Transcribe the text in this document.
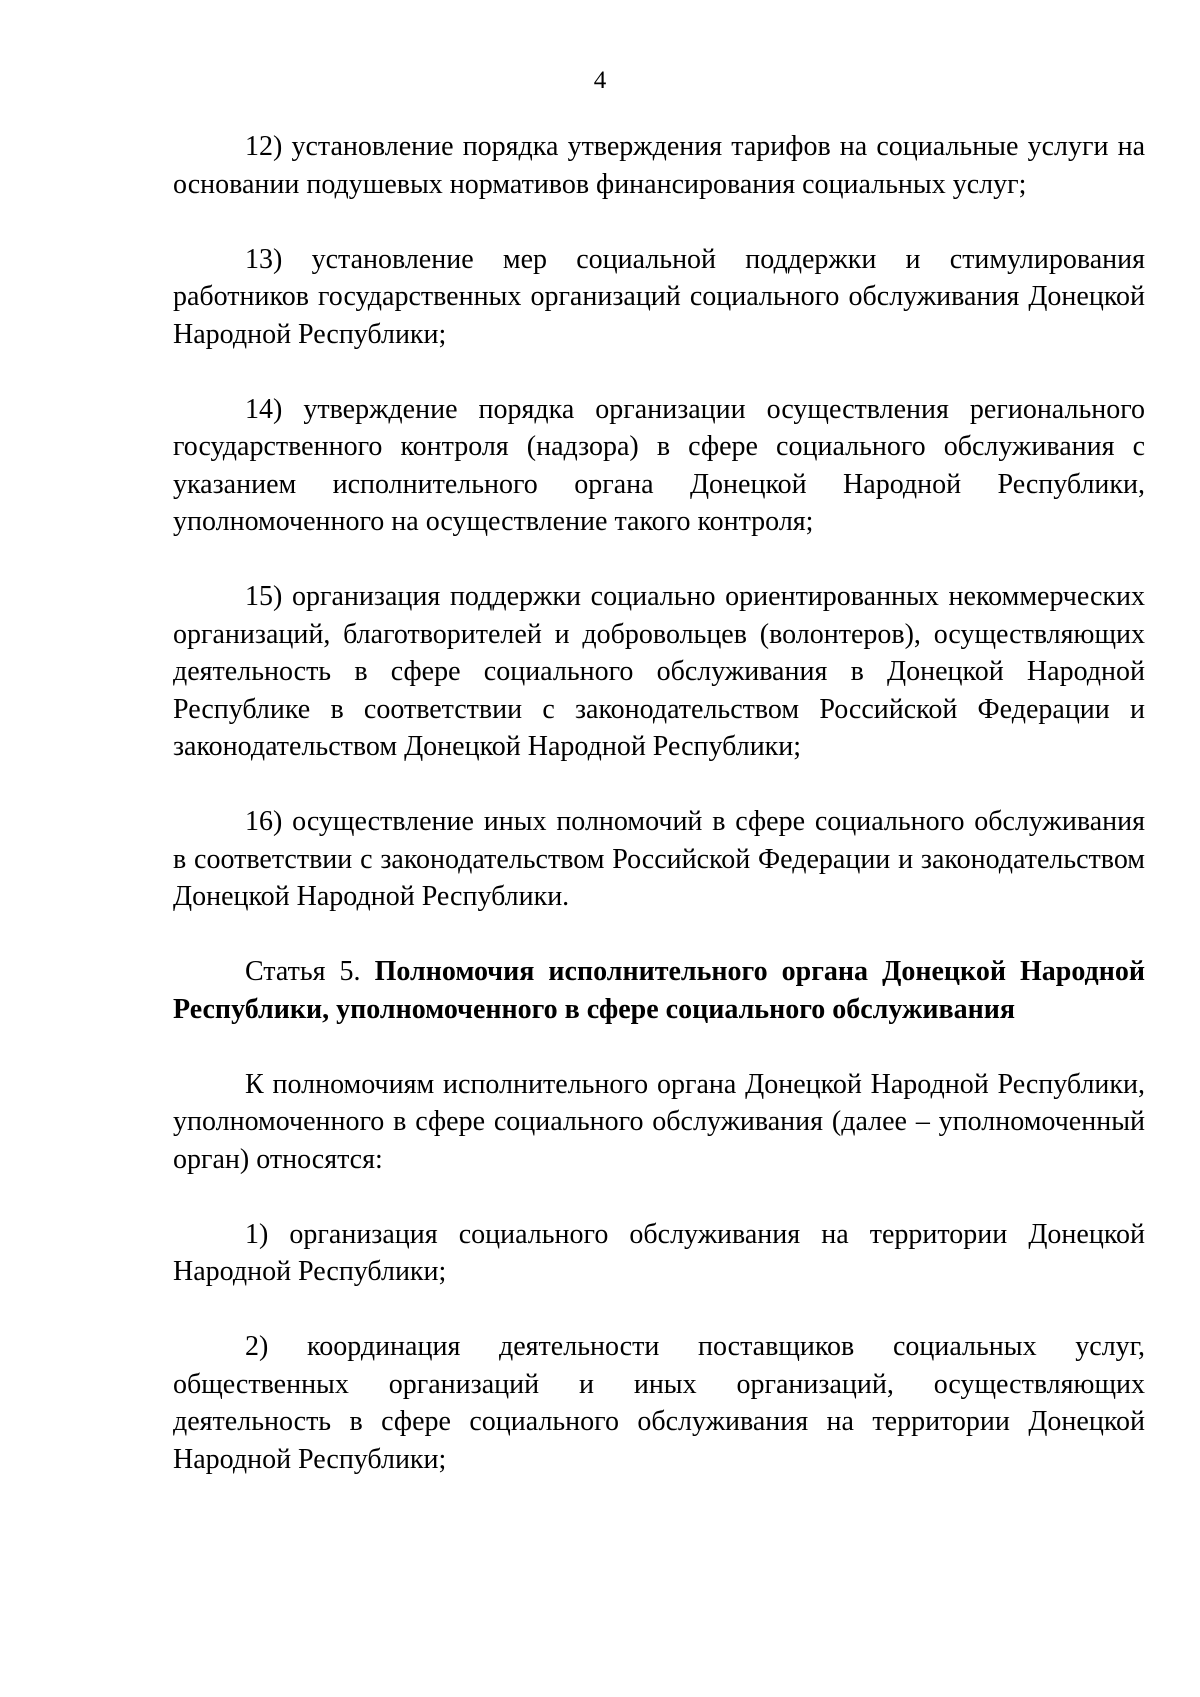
4

12) установление порядка утверждения тарифов на социальные услуги на основании подушевых нормативов финансирования социальных услуг;

13) установление мер социальной поддержки и стимулирования работников государственных организаций социального обслуживания Донецкой Народной Республики;

14) утверждение порядка организации осуществления регионального государственного контроля (надзора) в сфере социального обслуживания с указанием исполнительного органа Донецкой Народной Республики, уполномоченного на осуществление такого контроля;

15) организация поддержки социально ориентированных некоммерческих организаций, благотворителей и добровольцев (волонтеров), осуществляющих деятельность в сфере социального обслуживания в Донецкой Народной Республике в соответствии с законодательством Российской Федерации и законодательством Донецкой Народной Республики;

16) осуществление иных полномочий в сфере социального обслуживания в соответствии с законодательством Российской Федерации и законодательством Донецкой Народной Республики.

Статья 5. Полномочия исполнительного органа Донецкой Народной Республики, уполномоченного в сфере социального обслуживания

К полномочиям исполнительного органа Донецкой Народной Республики, уполномоченного в сфере социального обслуживания (далее – уполномоченный орган) относятся:

1) организация социального обслуживания на территории Донецкой Народной Республики;

2) координация деятельности поставщиков социальных услуг, общественных организаций и иных организаций, осуществляющих деятельность в сфере социального обслуживания на территории Донецкой Народной Республики;
